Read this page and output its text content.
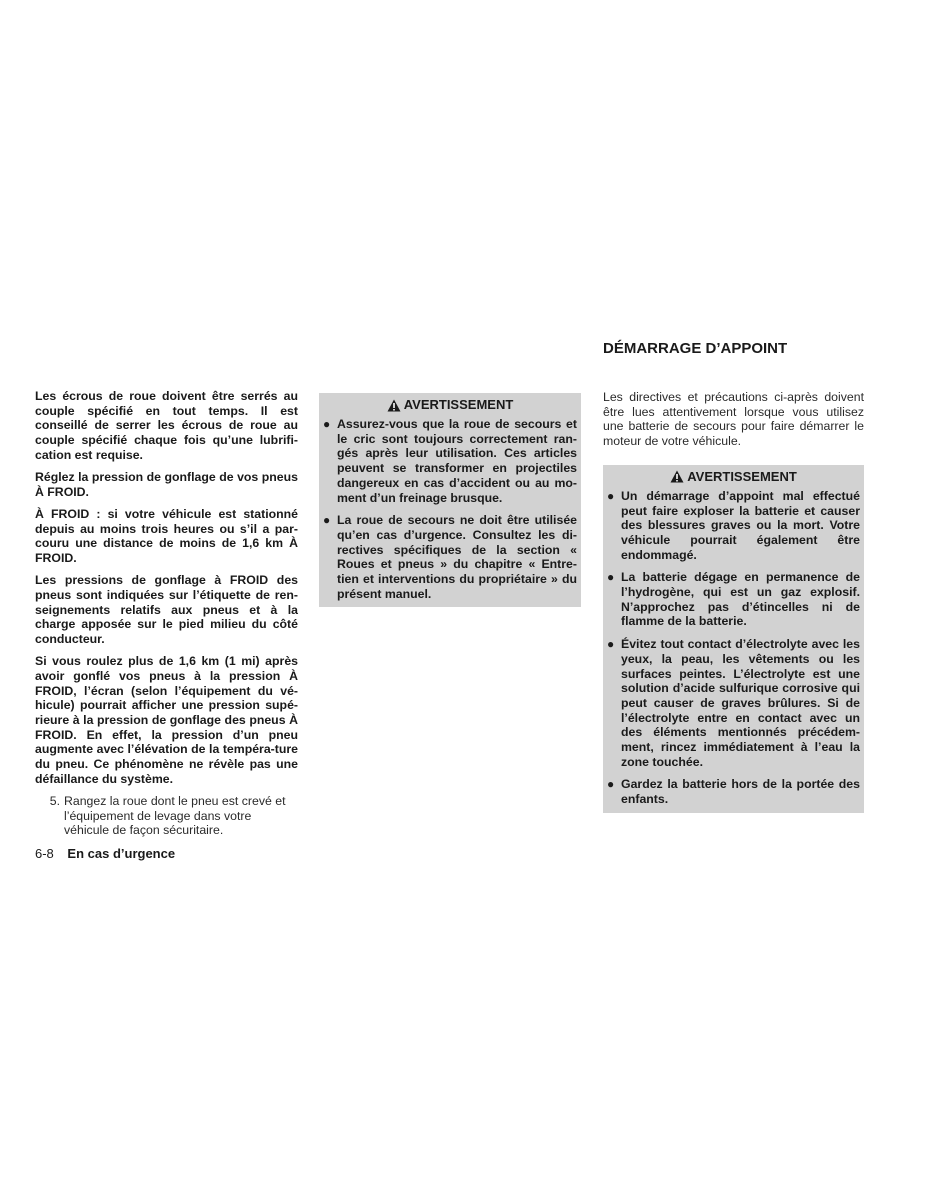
Les écrous de roue doivent être serrés au couple spécifié en tout temps. Il est conseillé de serrer les écrous de roue au couple spécifié chaque fois qu’une lubrifi-cation est requise.

Réglez la pression de gonflage de vos pneus À FROID.

À FROID : si votre véhicule est stationné depuis au moins trois heures ou s’il a par-couru une distance de moins de 1,6 km À FROID.

Les pressions de gonflage à FROID des pneus sont indiquées sur l’étiquette de ren-seignements relatifs aux pneus et à la charge apposée sur le pied milieu du côté conducteur.

Si vous roulez plus de 1,6 km (1 mi) après avoir gonflé vos pneus à la pression À FROID, l’écran (selon l’équipement du vé-hicule) pourrait afficher une pression supé-rieure à la pression de gonflage des pneus À FROID. En effet, la pression d’un pneu augmente avec l’élévation de la tempéra-ture du pneu. Ce phénomène ne révèle pas une défaillance du système.

5. Rangez la roue dont le pneu est crevé et l’équipement de levage dans votre véhicule de façon sécuritaire.

6-8 En cas d’urgence
AVERTISSEMENT
● Assurez-vous que la roue de secours et le cric sont toujours correctement ran-gés après leur utilisation. Ces articles peuvent se transformer en projectiles dangereux en cas d’accident ou au mo-ment d’un freinage brusque.

● La roue de secours ne doit être utilisée qu’en cas d’urgence. Consultez les di-rectives spécifiques de la section « Roues et pneus » du chapitre « Entre-tien et interventions du propriétaire » du présent manuel.

DÉMARRAGE D’APPOINT

Les directives et précautions ci-après doivent être lues attentivement lorsque vous utilisez une batterie de secours pour faire démarrer le moteur de votre véhicule.

AVERTISSEMENT
● Un démarrage d’appoint mal effectué peut faire exploser la batterie et causer des blessures graves ou la mort. Votre véhicule pourrait également être endommagé.

● La batterie dégage en permanence de l’hydrogène, qui est un gaz explosif. N’approchez pas d’étincelles ni de flamme de la batterie.

● Évitez tout contact d’électrolyte avec les yeux, la peau, les vêtements ou les surfaces peintes. L’électrolyte est une solution d’acide sulfurique corrosive qui peut causer de graves brûlures. Si de l’électrolyte entre en contact avec un des éléments mentionnés précédem-ment, rincez immédiatement à l’eau la zone touchée.

● Gardez la batterie hors de la portée des enfants.
